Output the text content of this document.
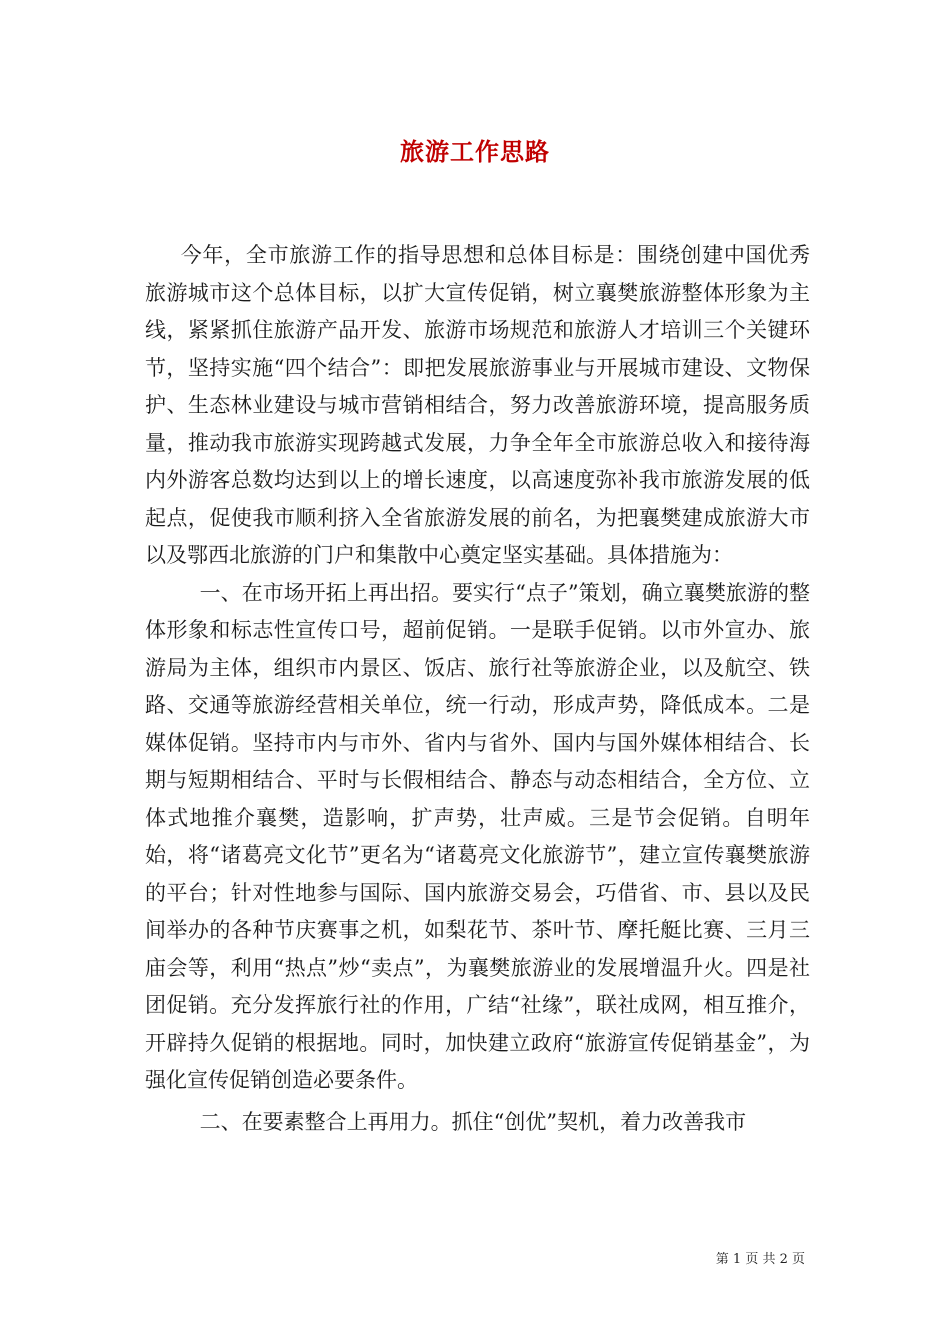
旅游工作思路

今年，全市旅游工作的指导思想和总体目标是：围绕创建中国优秀旅游城市这个总体目标，以扩大宣传促销，树立襄樊旅游整体形象为主线，紧紧抓住旅游产品开发、旅游市场规范和旅游人才培训三个关键环节，坚持实施“四个结合”：即把发展旅游事业与开展城市建设、文物保护、生态林业建设与城市营销相结合，努力改善旅游环境，提高服务质量，推动我市旅游实现跨越式发展，力争全年全市旅游总收入和接待海内外游客总数均达到以上的增长速度，以高速度弥补我市旅游发展的低起点，促使我市顺利挤入全省旅游发展的前名，为把襄樊建成旅游大市以及鄂西北旅游的门户和集散中心奠定坚实基础。具体措施为：

一、在市场开拓上再出招。要实行“点子”策划，确立襄樊旅游的整体形象和标志性宣传口号，超前促销。一是联手促销。以市外宣办、旅游局为主体，组织市内景区、饭店、旅行社等旅游企业，以及航空、铁路、交通等旅游经营相关单位，统一行动，形成声势，降低成本。二是媒体促销。坚持市内与市外、省内与省外、国内与国外媒体相结合、长期与短期相结合、平时与长假相结合、静态与动态相结合，全方位、立体式地推介襄樊，造影响，扩声势，壮声威。三是节会促销。自明年始，将“诸葛亮文化节”更名为“诸葛亮文化旅游节”，建立宣传襄樊旅游的平台；针对性地参与国际、国内旅游交易会，巧借省、市、县以及民间举办的各种节庆赛事之机，如梨花节、茶叶节、摩托艇比赛、三月三庙会等，利用“热点”炒“卖点”，为襄樊旅游业的发展增温升火。四是社团促销。充分发挥旅行社的作用，广结“社缘”，联社成网，相互推介，开辟持久促销的根据地。同时，加快建立政府“旅游宣传促销基金”，为强化宣传促销创造必要条件。

二、在要素整合上再用力。抓住“创优”契机，着力改善我市

第 1 页 共 2 页
